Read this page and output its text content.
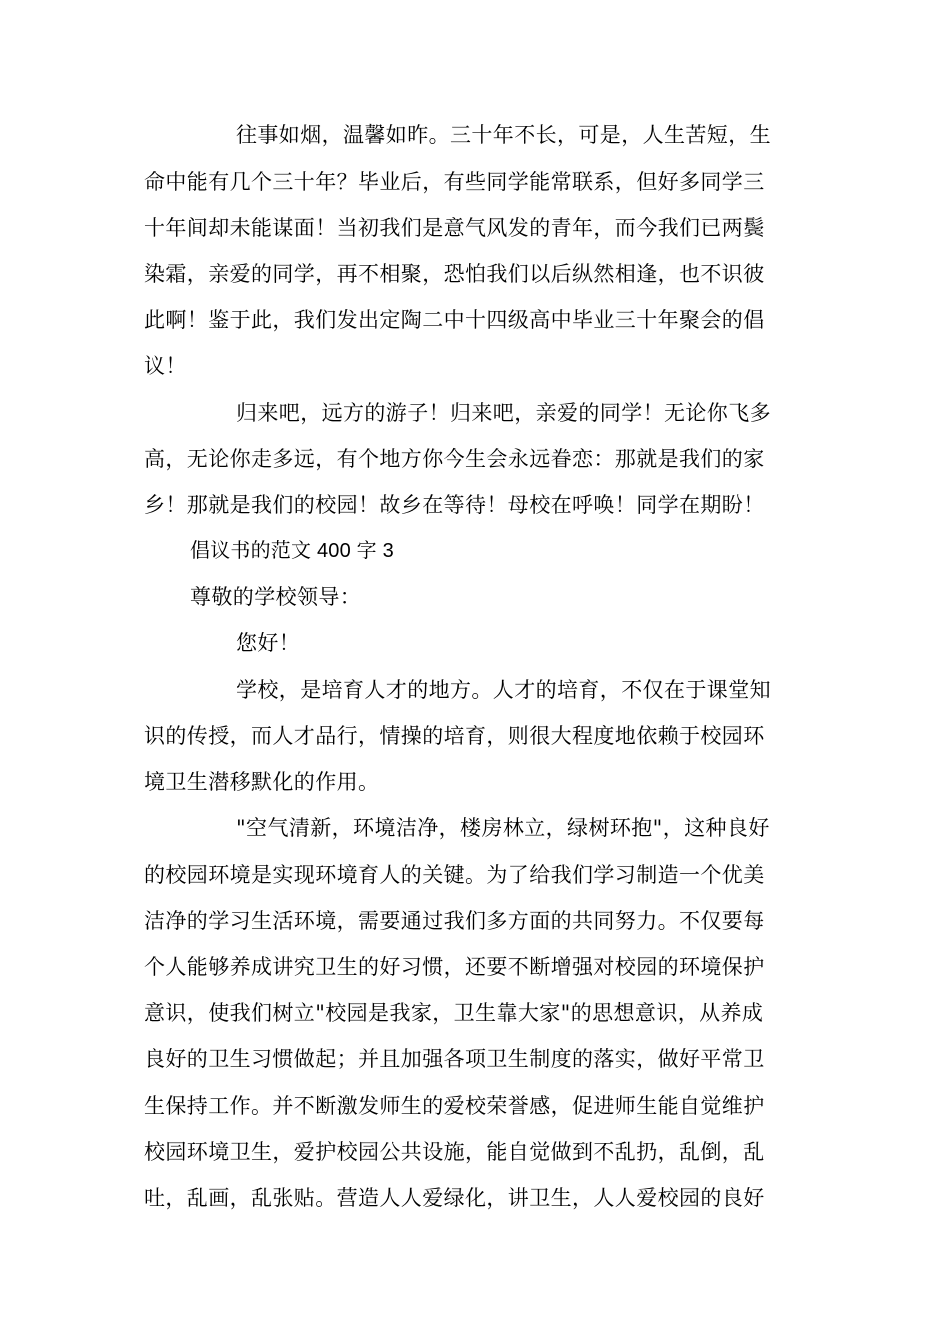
往事如烟，温馨如昨。三十年不长，可是，人生苦短，生
命中能有几个三十年？毕业后，有些同学能常联系，但好多同学三
十年间却未能谋面！当初我们是意气风发的青年，而今我们已两鬓
染霜，亲爱的同学，再不相聚，恐怕我们以后纵然相逢，也不识彼
此啊！鉴于此，我们发出定陶二中十四级高中毕业三十年聚会的倡
议！
归来吧，远方的游子！归来吧，亲爱的同学！无论你飞多
高，无论你走多远，有个地方你今生会永远眷恋：那就是我们的家
乡！那就是我们的校园！故乡在等待！母校在呼唤！同学在期盼！
倡议书的范文 400 字 3
尊敬的学校领导：
您好！
学校，是培育人才的地方。人才的培育，不仅在于课堂知
识的传授，而人才品行，情操的培育，则很大程度地依赖于校园环
境卫生潜移默化的作用。
"空气清新，环境洁净，楼房林立，绿树环抱"，这种良好
的校园环境是实现环境育人的关键。为了给我们学习制造一个优美
洁净的学习生活环境，需要通过我们多方面的共同努力。不仅要每
个人能够养成讲究卫生的好习惯，还要不断增强对校园的环境保护
意识，使我们树立"校园是我家，卫生靠大家"的思想意识，从养成
良好的卫生习惯做起；并且加强各项卫生制度的落实，做好平常卫
生保持工作。并不断激发师生的爱校荣誉感，促进师生能自觉维护
校园环境卫生，爱护校园公共设施，能自觉做到不乱扔，乱倒，乱
吐，乱画，乱张贴。营造人人爱绿化，讲卫生，人人爱校园的良好
